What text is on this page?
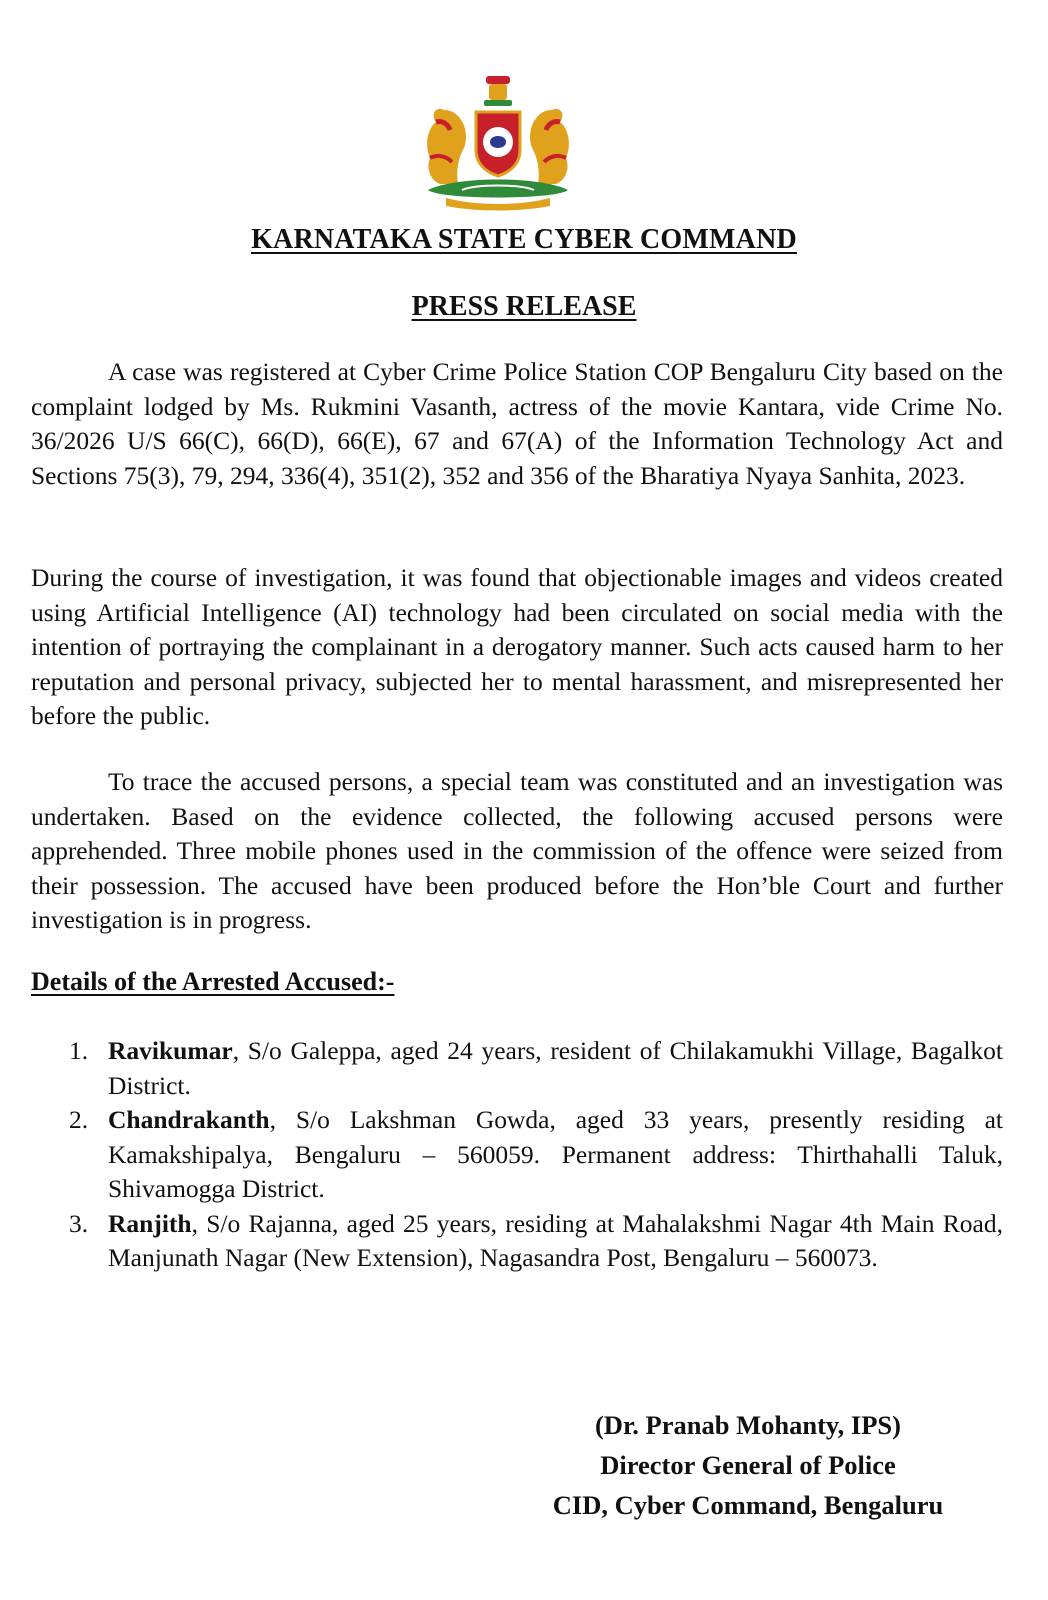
KARNATAKA STATE CYBER COMMAND
PRESS RELEASE

A case was registered at Cyber Crime Police Station COP Bengaluru City based on the complaint lodged by Ms. Rukmini Vasanth, actress of the movie Kantara, vide Crime No. 36/2026 U/S 66(C), 66(D), 66(E), 67 and 67(A) of the Information Technology Act and Sections 75(3), 79, 294, 336(4), 351(2), 352 and 356 of the Bharatiya Nyaya Sanhita, 2023.

During the course of investigation, it was found that objectionable images and videos created using Artificial Intelligence (AI) technology had been circulated on social media with the intention of portraying the complainant in a derogatory manner. Such acts caused harm to her reputation and personal privacy, subjected her to mental harassment, and misrepresented her before the public.

To trace the accused persons, a special team was constituted and an investigation was undertaken. Based on the evidence collected, the following accused persons were apprehended. Three mobile phones used in the commission of the offence were seized from their possession. The accused have been produced before the Hon’ble Court and further investigation is in progress.

Details of the Arrested Accused:-
1. Ravikumar, S/o Galeppa, aged 24 years, resident of Chilakamukhi Village, Bagalkot District.
2. Chandrakanth, S/o Lakshman Gowda, aged 33 years, presently residing at Kamakshipalya, Bengaluru – 560059. Permanent address: Thirthahalli Taluk, Shivamogga District.
3. Ranjith, S/o Rajanna, aged 25 years, residing at Mahalakshmi Nagar 4th Main Road, Manjunath Nagar (New Extension), Nagasandra Post, Bengaluru – 560073.
(Dr. Pranab Mohanty, IPS)
Director General of Police
CID, Cyber Command, Bengaluru
